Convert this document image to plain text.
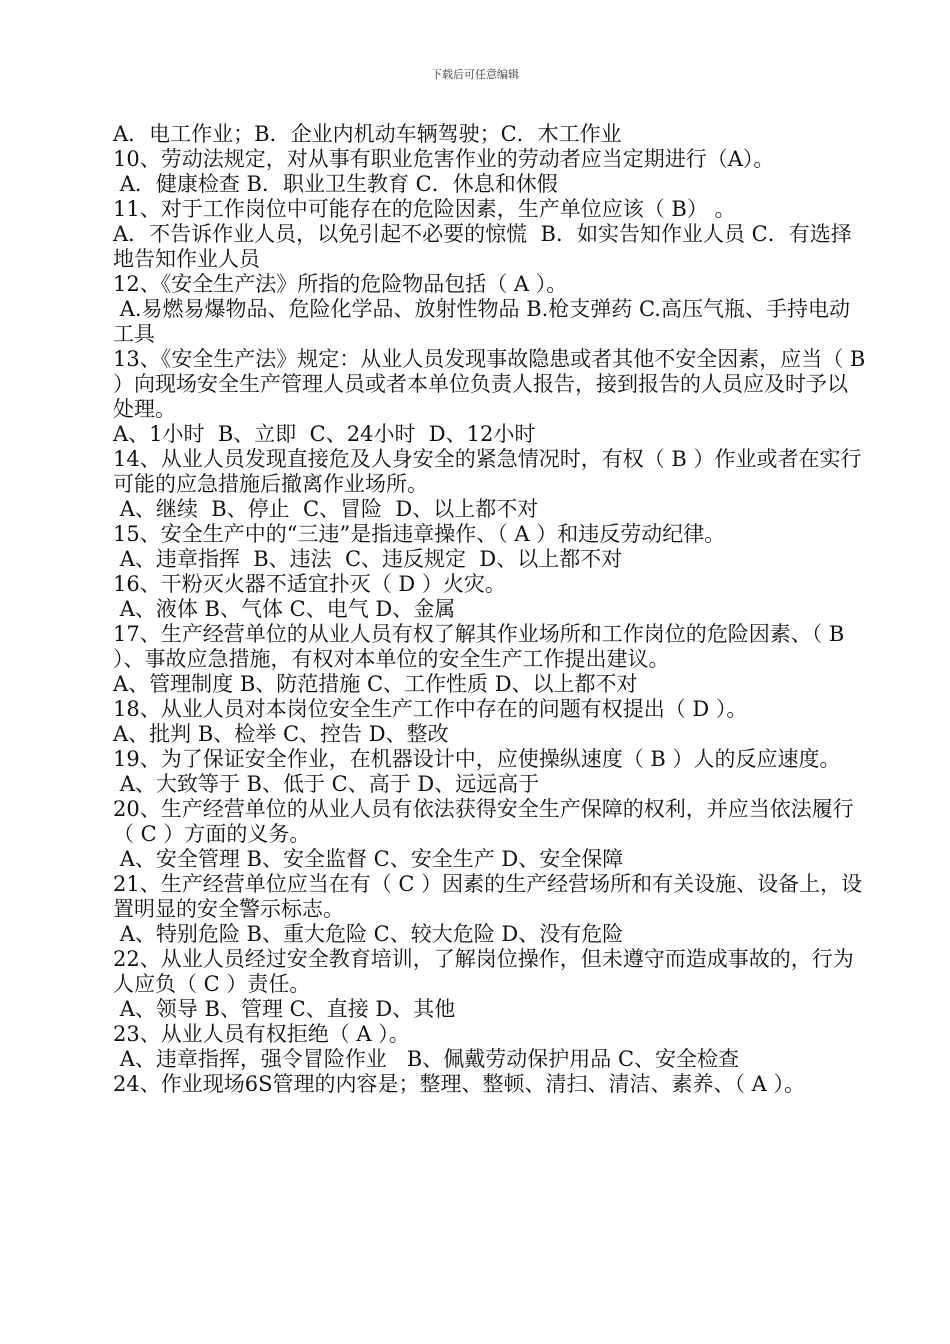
下载后可任意编辑

A．电工作业；B．企业内机动车辆驾驶；C．木工作业

10、劳动法规定，对从事有职业危害作业的劳动者应当定期进行（A）。

A．健康检查 B．职业卫生教育 C．休息和休假

11、对于工作岗位中可能存在的危险因素，生产单位应该（ B） 。

A．不告诉作业人员，以免引起不必要的惊慌  B．如实告知作业人员 C．有选择地告知作业人员

12、《安全生产法》所指的危险物品包括（ A ）。

A.易燃易爆物品、危险化学品、放射性物品 B.枪支弹药 C.高压气瓶、手持电动工具

13、《安全生产法》规定：从业人员发现事故隐患或者其他不安全因素，应当（ B ）向现场安全生产管理人员或者本单位负责人报告，接到报告的人员应及时予以处理。

A、1小时  B、立即  C、24小时  D、12小时

14、从业人员发现直接危及人身安全的紧急情况时，有权（ B ）作业或者在实行可能的应急措施后撤离作业场所。

A、继续  B、停止  C、冒险  D、以上都不对

15、安全生产中的“三违”是指违章操作、（ A ）和违反劳动纪律。

A、违章指挥  B、违法  C、违反规定  D、以上都不对

16、干粉灭火器不适宜扑灭（ D ）火灾。

A、液体 B、气体 C、电气 D、金属

17、生产经营单位的从业人员有权了解其作业场所和工作岗位的危险因素、（ B ）、事故应急措施，有权对本单位的安全生产工作提出建议。

A、管理制度 B、防范措施 C、工作性质 D、以上都不对

18、从业人员对本岗位安全生产工作中存在的问题有权提出（ D ）。

A、批判 B、检举 C、控告 D、整改

19、为了保证安全作业，在机器设计中，应使操纵速度（ B ）人的反应速度。

A、大致等于 B、低于 C、高于 D、远远高于

20、生产经营单位的从业人员有依法获得安全生产保障的权利，并应当依法履行（ C ）方面的义务。

A、安全管理 B、安全监督 C、安全生产 D、安全保障

21、生产经营单位应当在有（ C ）因素的生产经营场所和有关设施、设备上，设置明显的安全警示标志。

A、特别危险 B、重大危险 C、较大危险 D、没有危险

22、从业人员经过安全教育培训，了解岗位操作，但未遵守而造成事故的，行为人应负（ C ）责任。

A、领导 B、管理 C、直接 D、其他

23、从业人员有权拒绝（ A ）。

A、违章指挥，强令冒险作业   B、佩戴劳动保护用品 C、安全检查

24、作业现场6S管理的内容是；整理、整顿、清扫、清洁、素养、（ A ）。
